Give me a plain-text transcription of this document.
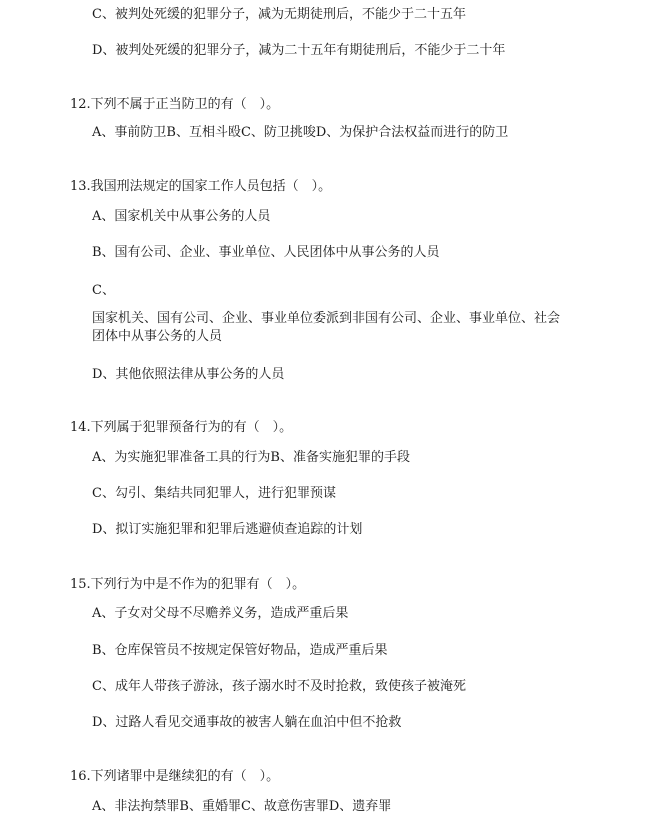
C、被判处死缓的犯罪分子，减为无期徒刑后，不能少于二十五年
D、被判处死缓的犯罪分子，减为二十五年有期徒刑后，不能少于二十年
12.下列不属于正当防卫的有（　）。
A、事前防卫B、互相斗殴C、防卫挑唆D、为保护合法权益而进行的防卫
13.我国刑法规定的国家工作人员包括（　）。
A、国家机关中从事公务的人员
B、国有公司、企业、事业单位、人民团体中从事公务的人员
C、
国家机关、国有公司、企业、事业单位委派到非国有公司、企业、事业单位、社会团体中从事公务的人员
D、其他依照法律从事公务的人员
14.下列属于犯罪预备行为的有（　）。
A、为实施犯罪准备工具的行为B、准备实施犯罪的手段
C、勾引、集结共同犯罪人，进行犯罪预谋
D、拟订实施犯罪和犯罪后逃避侦查追踪的计划
15.下列行为中是不作为的犯罪有（　）。
A、子女对父母不尽赡养义务，造成严重后果
B、仓库保管员不按规定保管好物品，造成严重后果
C、成年人带孩子游泳，孩子溺水时不及时抢救，致使孩子被淹死
D、过路人看见交通事故的被害人躺在血泊中但不抢救
16.下列诸罪中是继续犯的有（　）。
A、非法拘禁罪B、重婚罪C、故意伤害罪D、遗弃罪
